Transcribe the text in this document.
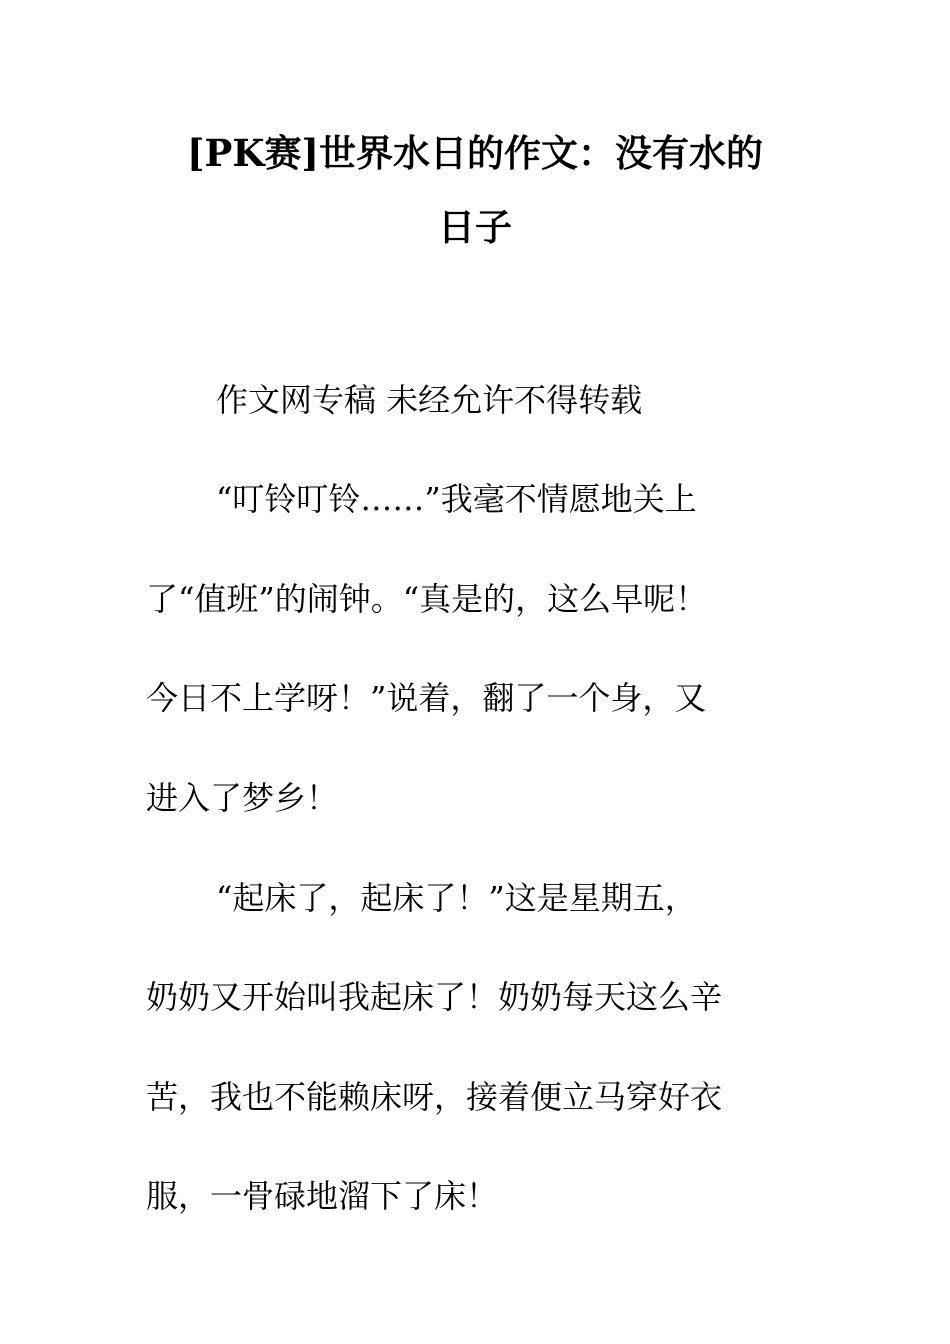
[PK赛]世界水日的作文：没有水的
日子

作文网专稿 未经允许不得转载

“叮铃叮铃……”我毫不情愿地关上

了“值班”的闹钟。“真是的，这么早呢！

今日不上学呀！”说着，翻了一个身，又

进入了梦乡！

“起床了，起床了！”这是星期五，

奶奶又开始叫我起床了！奶奶每天这么辛

苦，我也不能赖床呀，接着便立马穿好衣

服，一骨碌地溜下了床！
